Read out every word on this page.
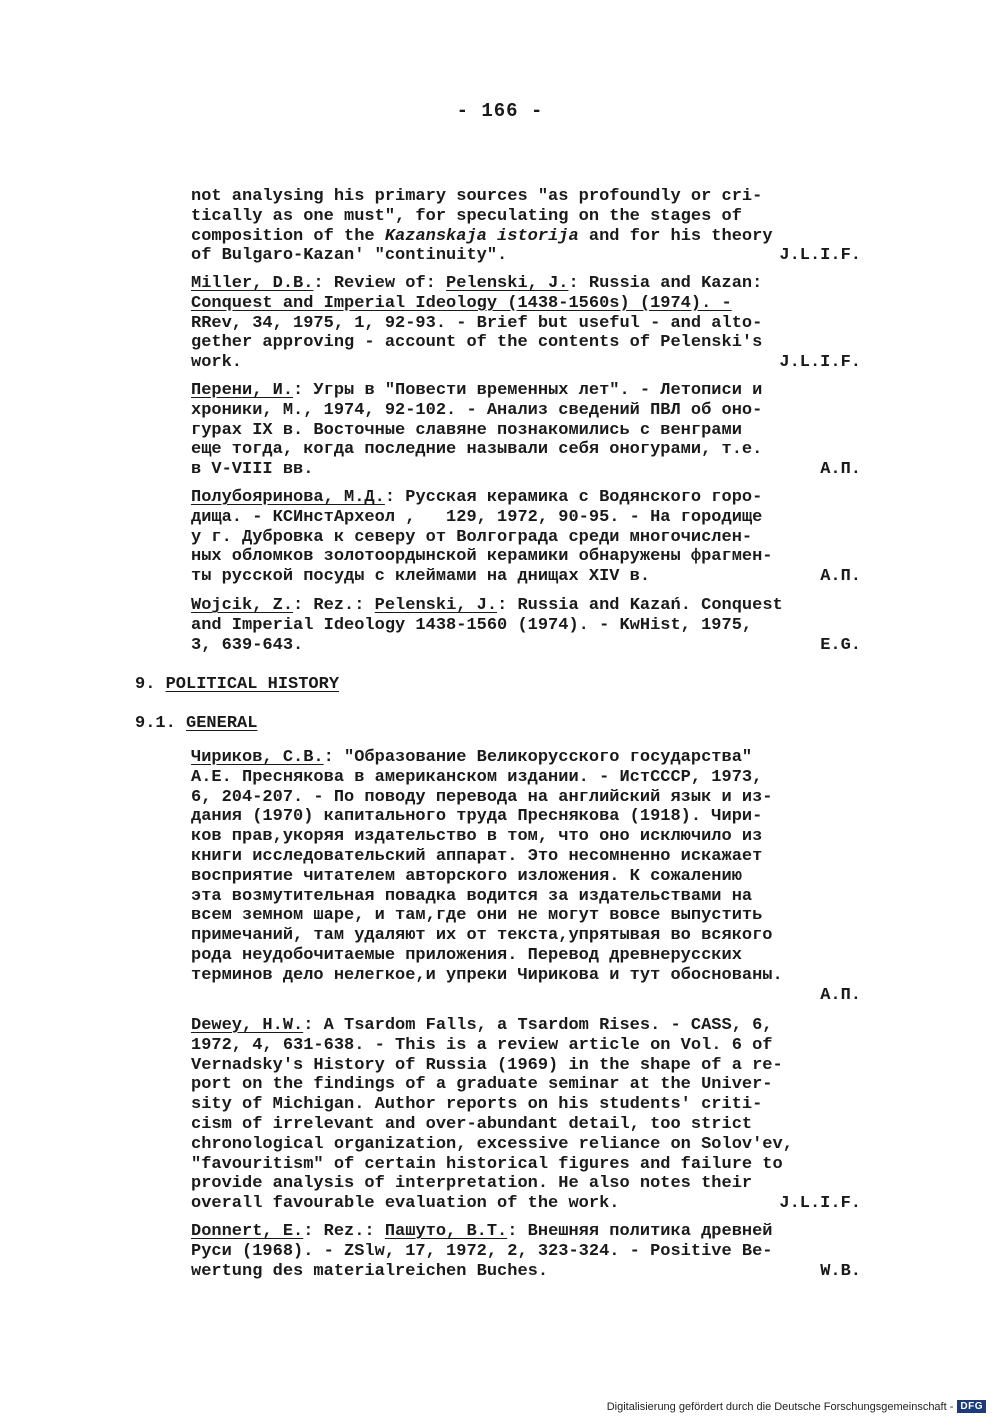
- 166 -
not analysing his primary sources "as profoundly or cri-
tically as one must", for speculating on the stages of
composition of the Kazanskaja istorija and for his theory
of Bulgaro-Kazan' "continuity".	J.L.I.F.
Miller, D.B.: Review of: Pelenski, J.: Russia and Kazan:
Conquest and Imperial Ideology (1438-1560s) (1974). -
RRev, 34, 1975, 1, 92-93. - Brief but useful - and alto-
gether approving - account of the contents of Pelenski's
work.	J.L.I.F.
Перени, И.: Угры в "Повести временных лет". - Летописи и
хроники, М., 1974, 92-102. - Анализ сведений ПВЛ об оно-
гурах IX в. Восточные славяне познакомились с венграми
еще тогда, когда последние называли себя оногурами, т.е.
в V-VIII вв.	А.П.
Полубояринова, М.Д.: Русская керамика с Водянского горо-
дища. - КСИнстАрхеол ,   129, 1972, 90-95. - На городище
у г. Дубровка к северу от Волгограда среди многочислен-
ных обломков золотоордынской керамики обнаружены фрагмен-
ты русской посуды с клеймами на днищах XIV в.	А.П.
Wojcik, Z.: Rez.: Pelenski, J.: Russia and Kazań. Conquest
and Imperial Ideology 1438-1560 (1974). - KwHist, 1975,
3, 639-643.	E.G.
9. POLITICAL HISTORY
9.1. GENERAL
Чириков, С.В.: "Образование Великорусского государства"
А.Е. Преснякова в американском издании. - ИстСССР, 1973,
6, 204-207. - По поводу перевода на английский язык и из-
дания (1970) капитального труда Преснякова (1918). Чири-
ков прав,укоряя издательство в том, что оно исключило из
книги исследовательский аппарат. Это несомненно искажает
восприятие читателем авторского изложения. К сожалению
эта возмутительная повадка водится за издательствами на
всем земном шаре, и там,где они не могут вовсе выпустить
примечаний, там удаляют их от текста,упрятывая во всякого
рода неудобочитаемые приложения. Перевод древнерусских
терминов дело нелегкое,и упреки Чирикова и тут обоснованы.
А.П.
Dewey, H.W.: A Tsardom Falls, a Tsardom Rises. - CASS, 6,
1972, 4, 631-638. - This is a review article on Vol. 6 of
Vernadsky's History of Russia (1969) in the shape of a re-
port on the findings of a graduate seminar at the Univer-
sity of Michigan. Author reports on his students' criti-
cism of irrelevant and over-abundant detail, too strict
chronological organization, excessive reliance on Solov'ev,
"favouritism" of certain historical figures and failure to
provide analysis of interpretation. He also notes their
overall favourable evaluation of the work.	J.L.I.F.
Donnert, E.: Rez.: Пашуто, В.Т.: Внешняя политика древней
Руси (1968). - ZSlw, 17, 1972, 2, 323-324. - Positive Be-
wertung des materialreichen Buches.	W.B.
Digitalisierung gefördert durch die Deutsche Forschungsgemeinschaft - DFG
